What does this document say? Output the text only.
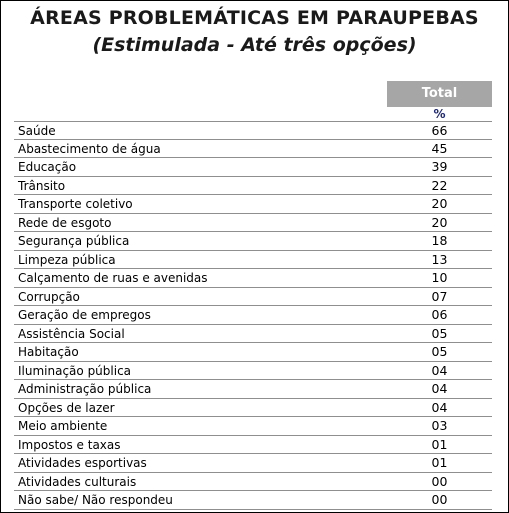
ÁREAS PROBLEMÁTICAS EM PARAUPEBAS
(Estimulada - Até três opções)
Total
%
Saúde	66
Abastecimento de água	45
Educação	39
Trânsito	22
Transporte coletivo	20
Rede de esgoto	20
Segurança pública	18
Limpeza pública	13
Calçamento de ruas e avenidas	10
Corrupção	07
Geração de empregos	06
Assistência Social	05
Habitação	05
Iluminação pública	04
Administração pública	04
Opções de lazer	04
Meio ambiente	03
Impostos e taxas	01
Atividades esportivas	01
Atividades culturais	00
Não sabe/ Não respondeu	00
